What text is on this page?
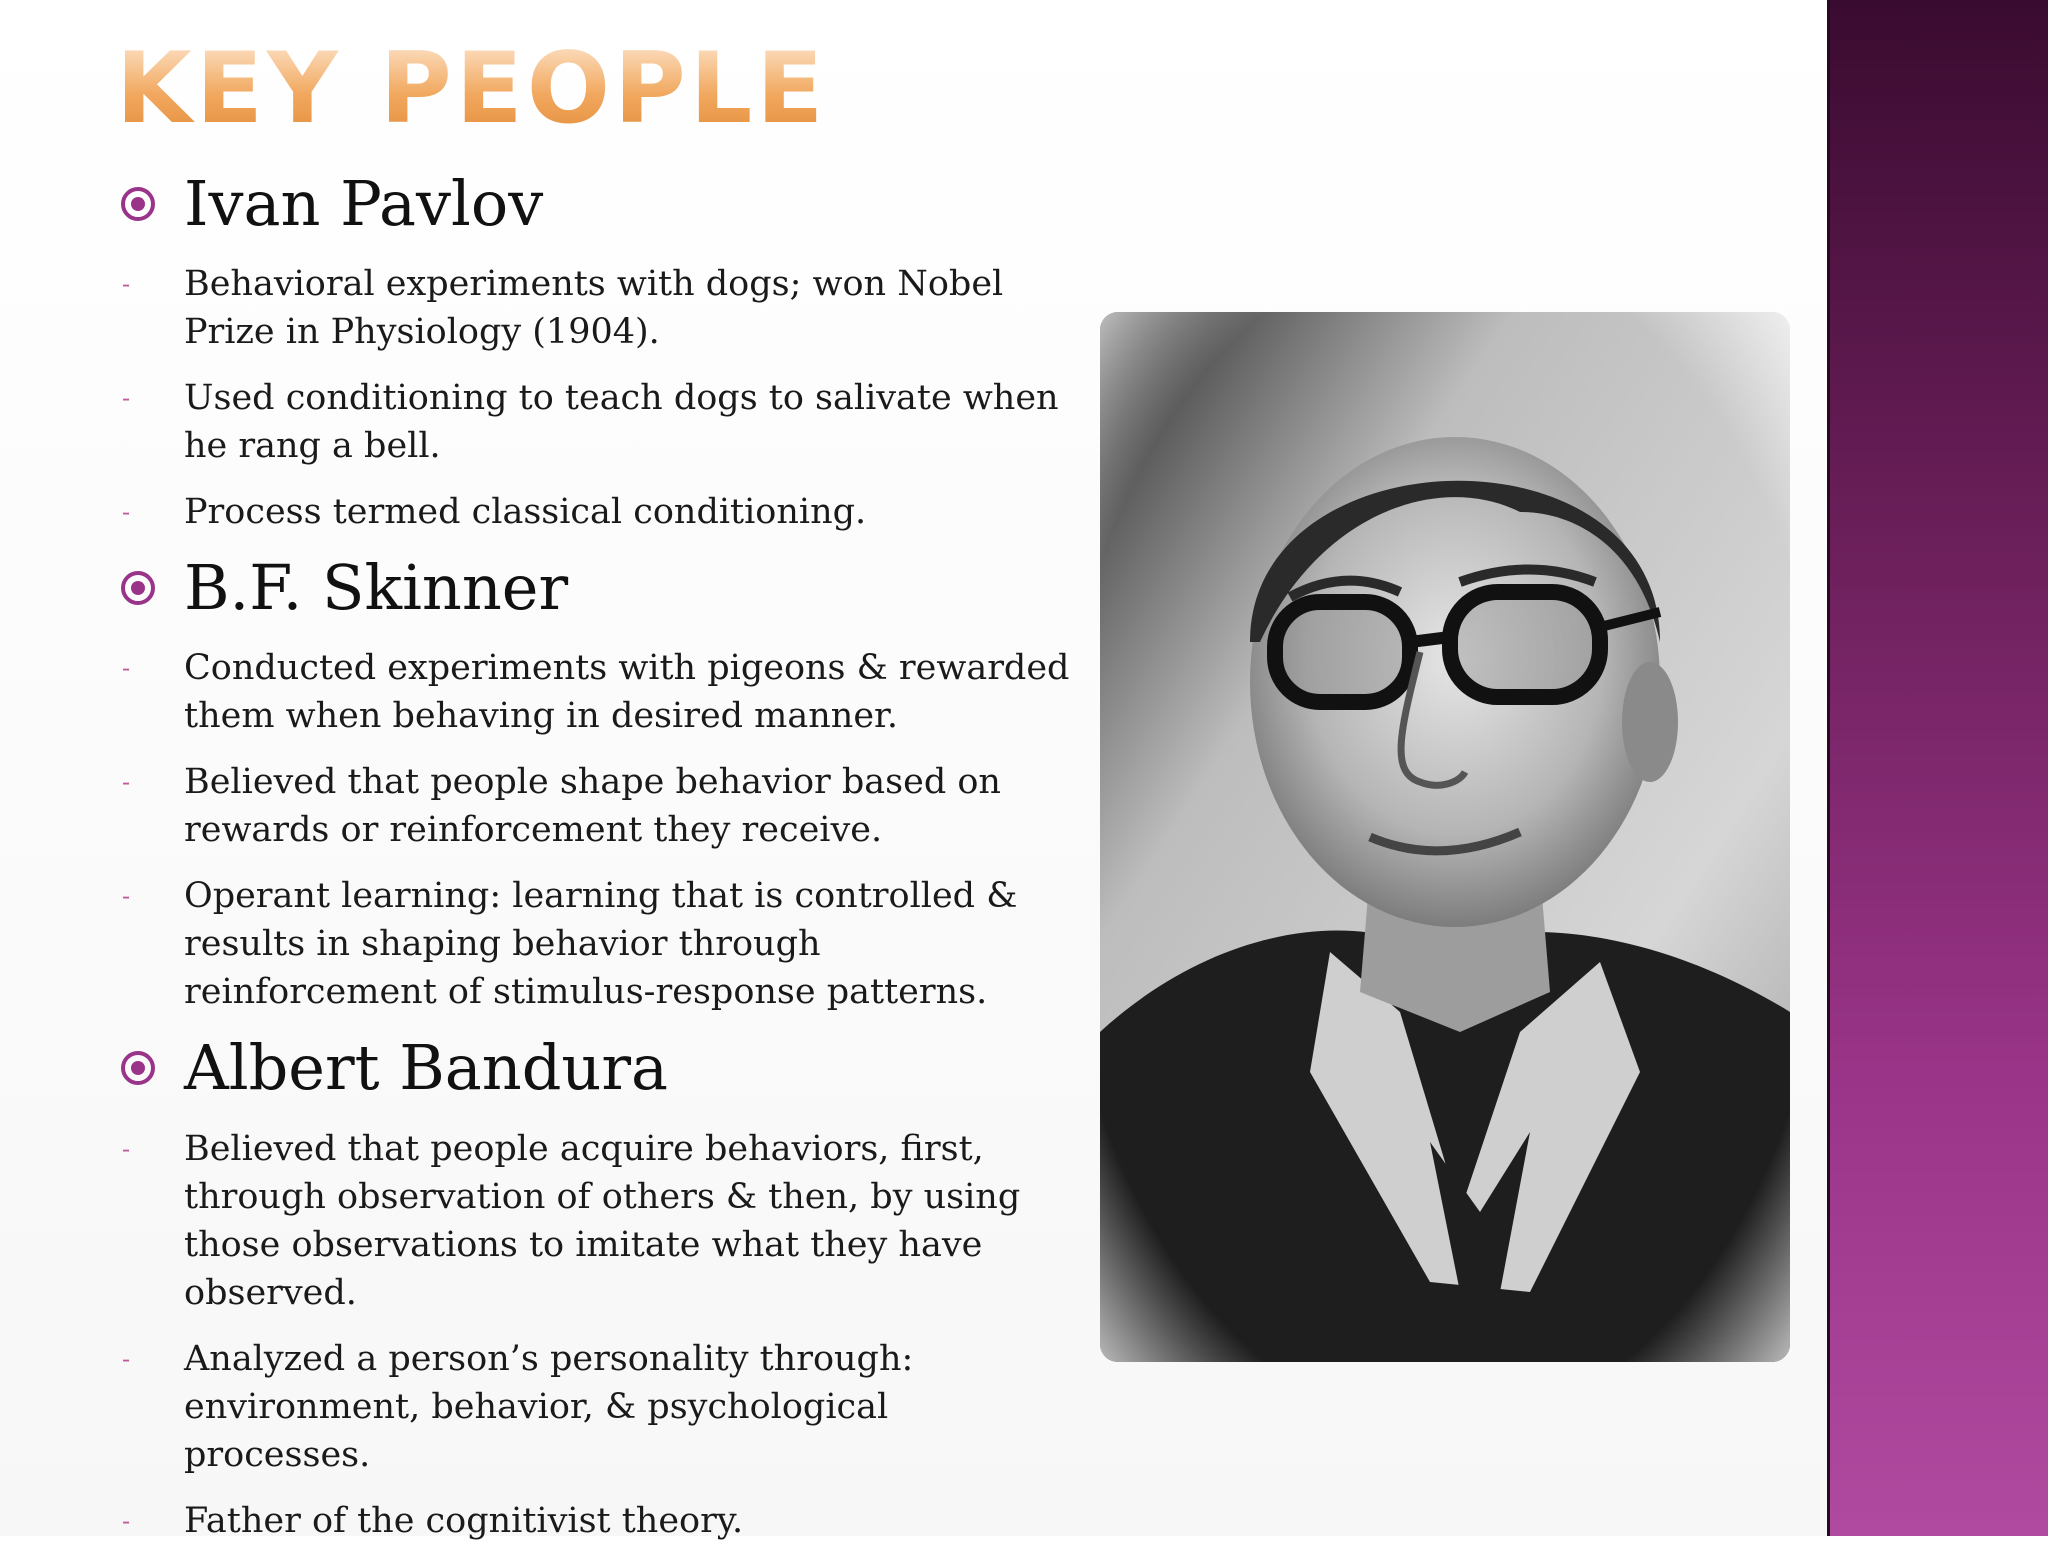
KEY PEOPLE
Ivan Pavlov
-	Behavioral experiments with dogs; won Nobel Prize in Physiology (1904).
-	Used conditioning to teach dogs to salivate when he rang a bell.
-	Process termed classical conditioning.
B.F. Skinner
-	Conducted experiments with pigeons & rewarded them when behaving in desired manner.
-	Believed that people shape behavior based on rewards or reinforcement they receive.
-	Operant learning: learning that is controlled & results in shaping behavior through reinforcement of stimulus-response patterns.
Albert Bandura
-	Believed that people acquire behaviors, first, through observation of others & then, by using those observations to imitate what they have observed.
-	Analyzed a person’s personality through: environment, behavior, & psychological processes.
-	Father of the cognitivist theory.
